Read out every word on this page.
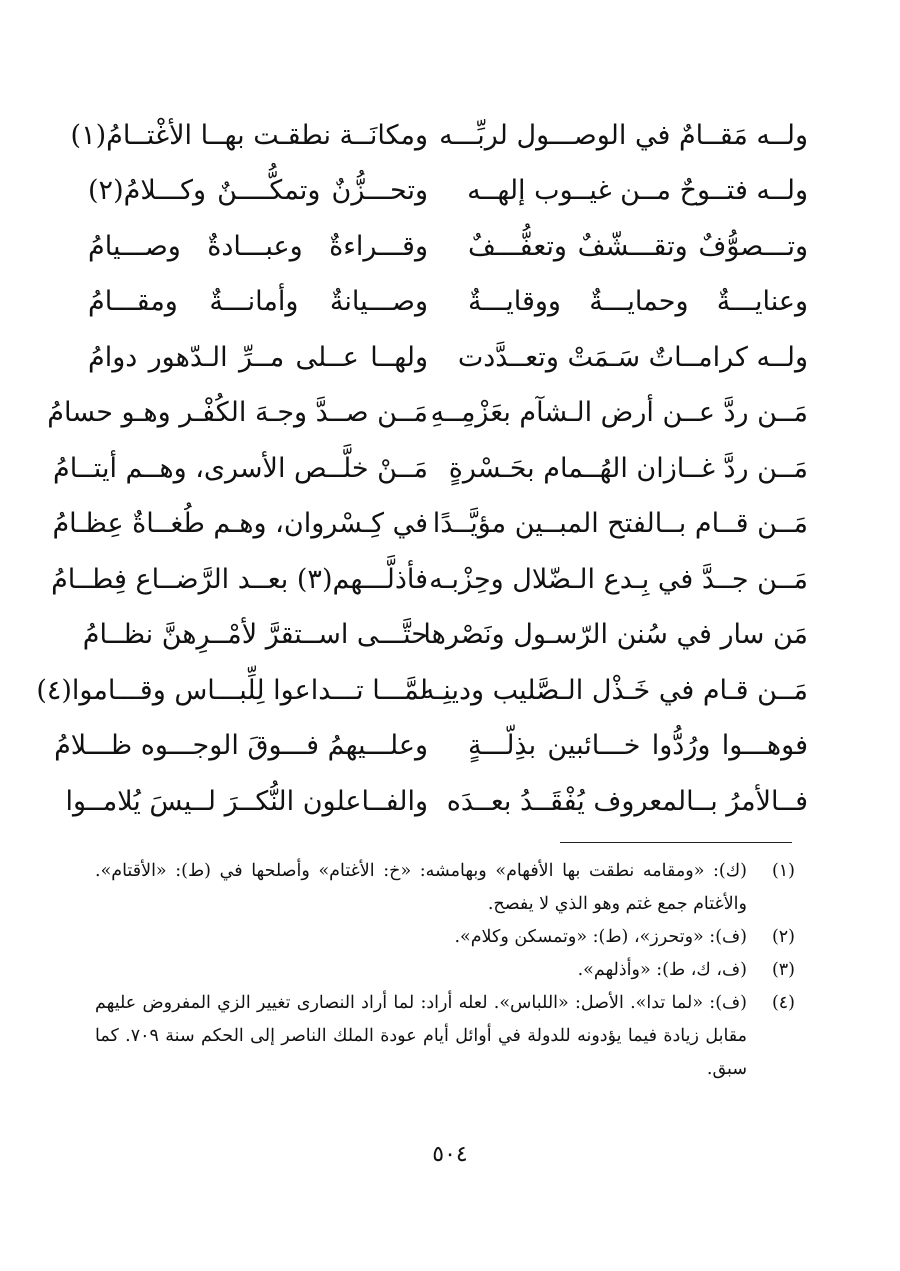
ولــه مَقــامٌ في الوصـــول لربِّـــه
ومكانَــة نطقـت بهــا الأغْتــامُ(١)
ولــه فتــوحٌ مــن غيــوب إلهــه
وتحـــزُّنٌ وتمكُّــــنٌ وكـــلامُ(٢)
وتـــصوُّفٌ وتقـــشّفٌ وتعفُّـــفٌ
وقـــراءةٌ وعبـــادةٌ وصـــيامُ
وعنايـــةٌ وحمايـــةٌ ووقايـــةٌ
وصـــيانةٌ وأمانـــةٌ ومقـــامُ
ولــه كرامــاتٌ سَـمَتْ وتعــدَّدت
ولهــا عــلى مــرِّ الـدّهور دوامُ
مَــن ردَّ عــن أرض الـشآم بعَزْمِــهِ
مَــن صــدَّ وجـهَ الكُفْـر وهـو حسامُ
مَــن ردَّ غــازان الهُــمام بحَـسْرةٍ
مَــنْ خلَّــص الأسرى، وهــم أيتــامُ
مَــن قــام بــالفتح المبــين مؤيَّــدًا
في كِـسْروان، وهـم طُغــاةٌ عِظـامُ
مَــن جــدَّ في بِـدع الـضّلال وحِزْبـه
فأذلَّـــهم(٣) بعــد الرَّضــاع فِطــامُ
مَن سار في سُنن الرّسـول ونَصْرها
حتَّـــى اســتقرَّ لأمْــرِهنَّ نظــامُ
مَــن قـام في خَـذْل الـصَّليب ودينِـه
لمَّـــا تـــداعوا لِلِّبـــاس وقـــاموا(٤)
فوهـــوا ورُدُّوا خـــائبين بذِلّـــةٍ
وعلـــيهمُ فـــوقَ الوجـــوه ظـــلامُ
فــالأمرُ بــالمعروف يُفْقَــدُ بعــدَه
والفــاعلون النُّكــرَ لــيسَ يُلامــوا
(١)
(ك): «ومقامه نطقت بها الأفهام» وبهامشه: «خ: الأغتام» وأصلحها في (ط): «الأقتام». والأغتام جمع غتم وهو الذي لا يفصح.
(٢)
(ف): «وتحرز»، (ط): «وتمسكن وكلام».
(٣)
(ف، ك، ط): «وأذلهم».
(٤)
(ف): «لما تدا». الأصل: «اللباس». لعله أراد: لما أراد النصارى تغيير الزي المفروض عليهم مقابل زيادة فيما يؤدونه للدولة في أوائل أيام عودة الملك الناصر إلى الحكم سنة ٧٠٩. كما سبق.
٥٠٤
